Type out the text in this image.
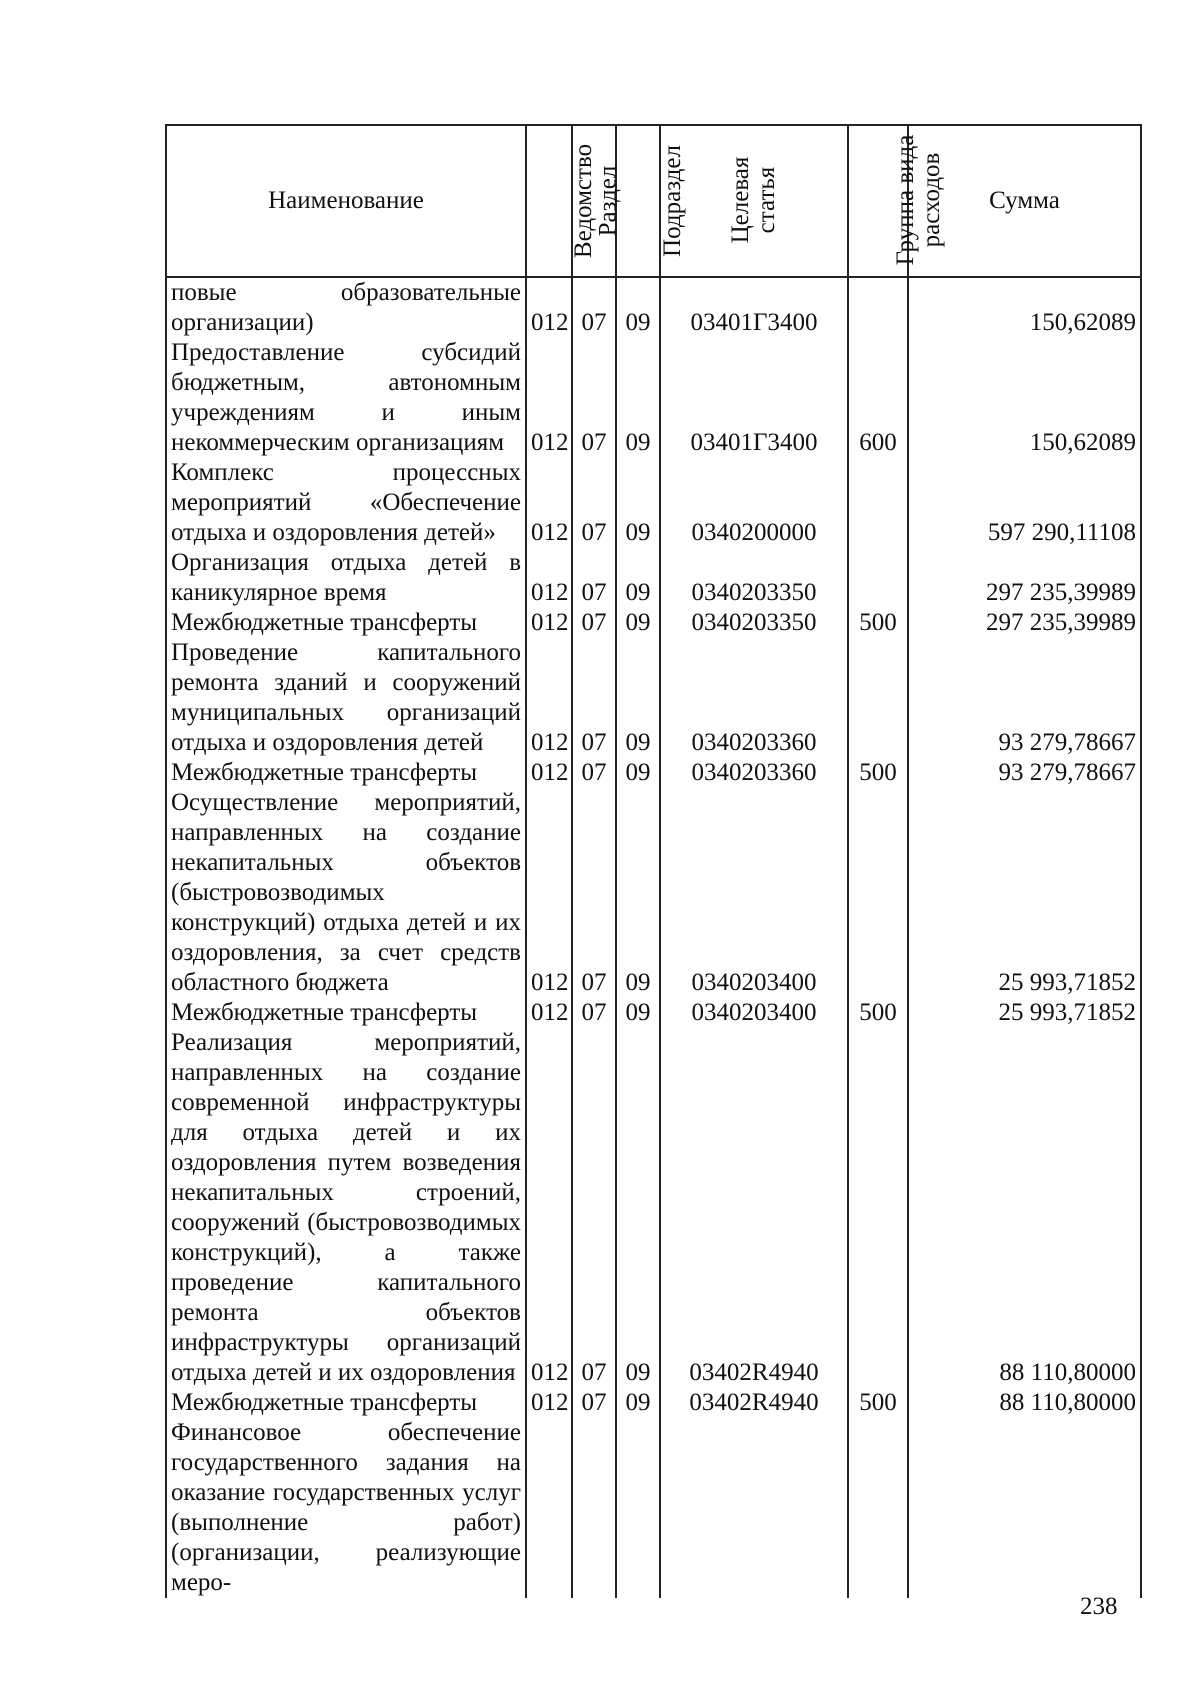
Наименование	Ведомство	Раздел	Подраздел	Целевая статья	Группа вида расходов	Сумма
повые образовательные организации)	012	07	09	03401Г3400		150,62089
Предоставление субсидий бюджетным, автономным учреждениям и иным некоммерческим организациям	012	07	09	03401Г3400	600	150,62089
Комплекс процессных мероприятий «Обеспечение отдыха и оздоровления детей»	012	07	09	0340200000		597 290,11108
Организация отдыха детей в каникулярное время	012	07	09	0340203350		297 235,39989
Межбюджетные трансферты	012	07	09	0340203350	500	297 235,39989
Проведение капитального ремонта зданий и сооружений муниципальных организаций отдыха и оздоровления детей	012	07	09	0340203360		93 279,78667
Межбюджетные трансферты	012	07	09	0340203360	500	93 279,78667
Осуществление мероприятий, направленных на создание некапитальных объектов (быстровозводимых конструкций) отдыха детей и их оздоровления, за счет средств областного бюджета	012	07	09	0340203400		25 993,71852
Межбюджетные трансферты	012	07	09	0340203400	500	25 993,71852
Реализация мероприятий, направленных на создание современной инфраструктуры для отдыха детей и их оздоровления путем возведения некапитальных строений, сооружений (быстровозводимых конструкций), а также проведение капитального ремонта объектов инфраструктуры организаций отдыха детей и их оздоровления	012	07	09	03402R4940		88 110,80000
Межбюджетные трансферты	012	07	09	03402R4940	500	88 110,80000
Финансовое обеспечение государственного задания на оказание государственных услуг (выполнение работ) (организации, реализующие меро-						
238
